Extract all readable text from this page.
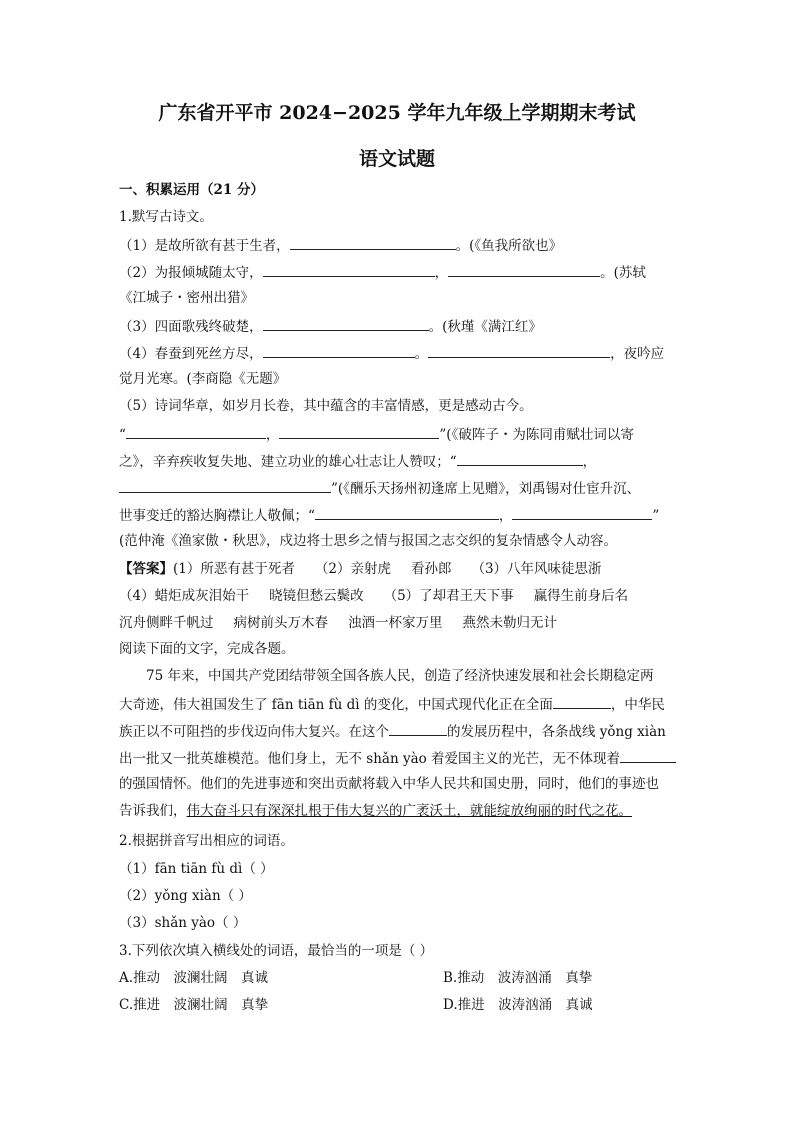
广东省开平市 2024−2025 学年九年级上学期期末考试
语文试题
一、积累运用（21 分）
1.默写古诗文。
（1）是故所欲有甚于生者，	。(《鱼我所欲也》
（2）为报倾城随太守，	，	。(苏轼
《江城子・密州出猎》
（3）四面歌残终破楚，	。(秋瑾《满江红》
（4）春蚕到死丝方尽，	。	，夜吟应
觉月光寒。(李商隐《无题》
（5）诗词华章，如岁月长卷，其中蕴含的丰富情感，更是感动古今。
“	，	”(《破阵子・为陈同甫赋壮词以寄
之》，辛弃疾收复失地、建立功业的雄心壮志让人赞叹；“	，
”(《酬乐天扬州初逢席上见赠》，刘禹锡对仕宦升沉、
世事变迁的豁达胸襟让人敬佩；“	，	”
(范仲淹《渔家傲・秋思》，戍边将士思乡之情与报国之志交织的复杂情感令人动容。
【答案】(1）所恶有甚于死者 （2）亲射虎 看孙郎 （3）八年风味徒思浙
（4）蜡炬成灰泪始干 晓镜但愁云鬓改 （5）了却君王天下事 赢得生前身后名
沉舟侧畔千帆过 病树前头万木春 浊酒一杯家万里 燕然未勒归无计
阅读下面的文字，完成各题。
75 年来，中国共产党团结带领全国各族人民，创造了经济快速发展和社会长期稳定两
大奇迹，伟大祖国发生了 fān tiān fù dì 的变化，中国式现代化正在全面	，中华民
族正以不可阻挡的步伐迈向伟大复兴。在这个	的发展历程中，各条战线 yǒng xiàn
出一批又一批英雄模范。他们身上，无不 shǎn yào 着爱国主义的光芒，无不体现着
的强国情怀。他们的先进事迹和突出贡献将载入中华人民共和国史册，同时，他们的事迹也
告诉我们，伟大奋斗只有深深扎根于伟大复兴的广袤沃土，就能绽放绚丽的时代之花。
2.根据拼音写出相应的词语。
（1）fān tiān fù dì（ ）
（2）yǒng xiàn（ ）
（3）shǎn yào（ ）
3.下列依次填入横线处的词语，最恰当的一项是（ ）
A.推动　波澜壮阔　真诚	B.推动　波涛汹涌　真挚
C.推进　波澜壮阔　真挚	D.推进　波涛汹涌　真诚
